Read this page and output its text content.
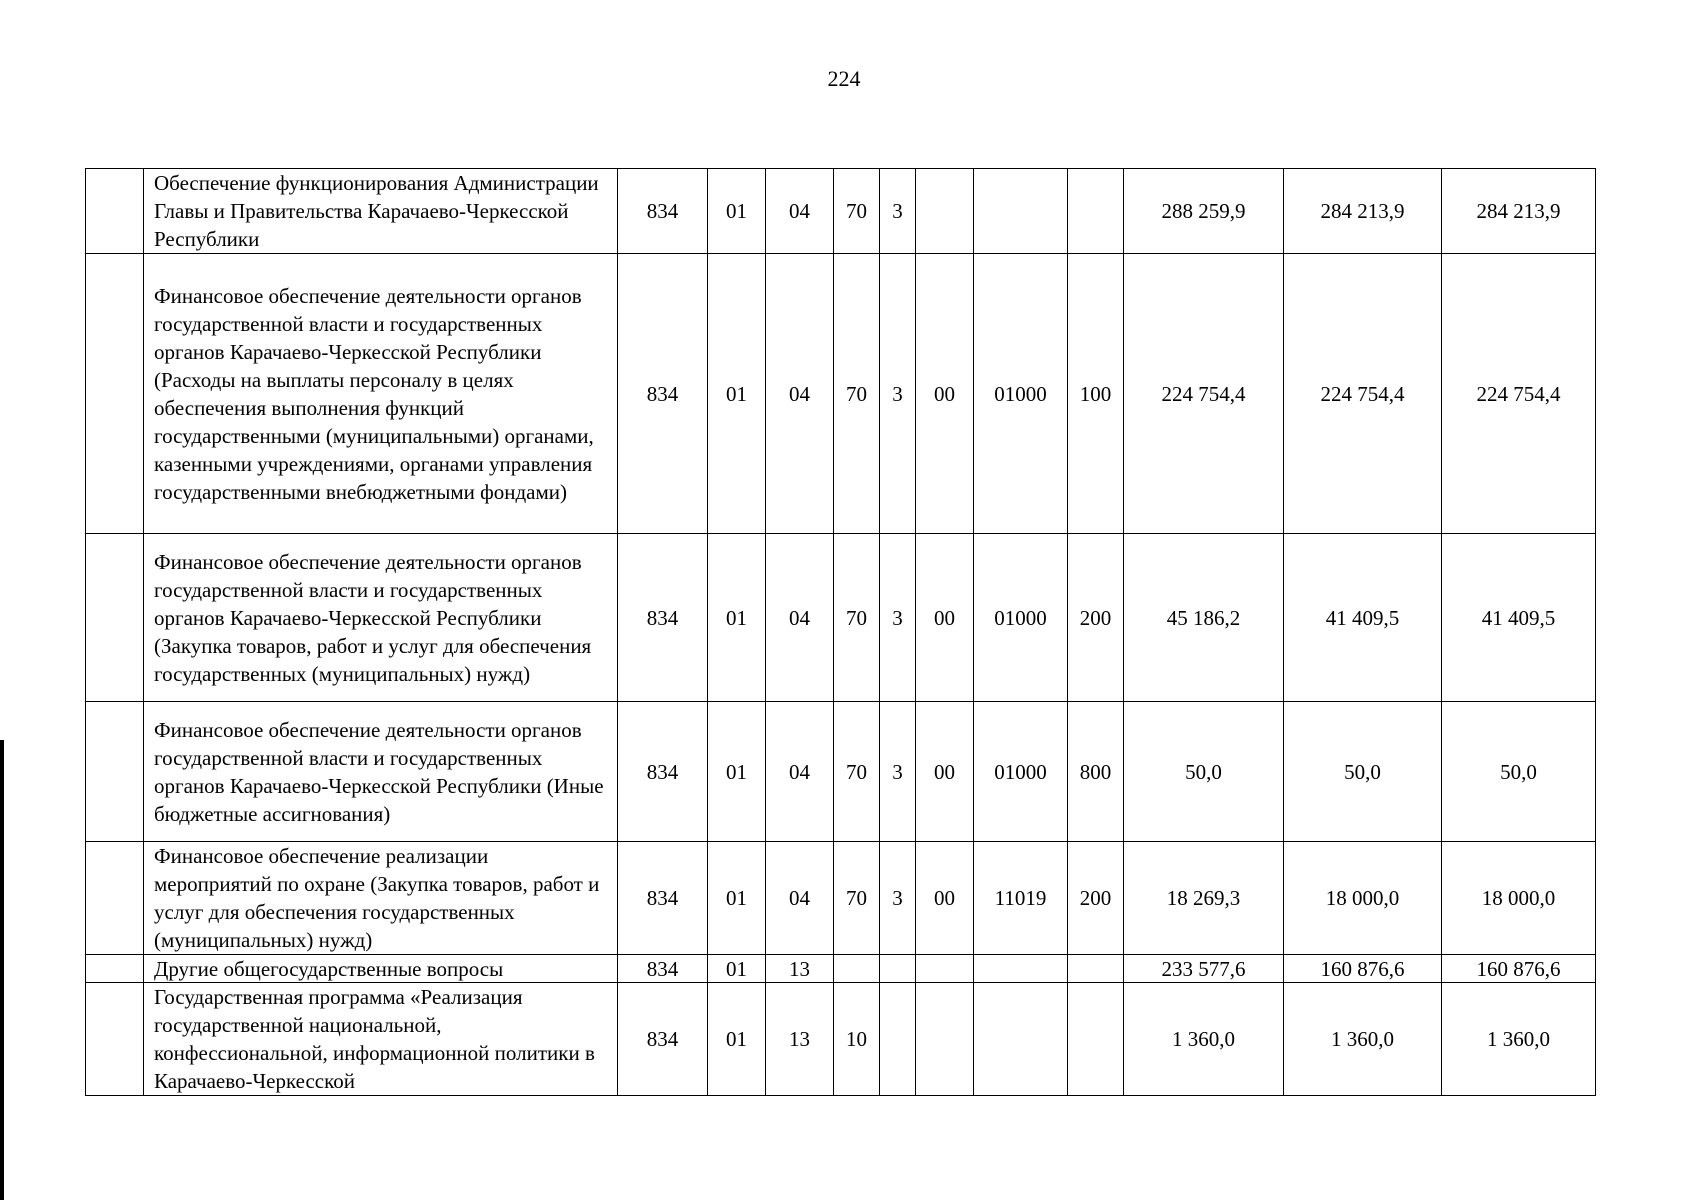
224
	Обеспечение функционирования Администрации Главы и Правительства Карачаево-Черкесской Республики	834	01	04	70	3				288 259,9	284 213,9	284 213,9
	Финансовое обеспечение деятельности органов государственной власти и государственных органов Карачаево-Черкесской Республики (Расходы на выплаты персоналу в целях обеспечения выполнения функций государственными (муниципальными) органами, казенными учреждениями, органами управления государственными внебюджетными фондами)	834	01	04	70	3	00	01000	100	224 754,4	224 754,4	224 754,4
	Финансовое обеспечение деятельности органов государственной власти и государственных органов Карачаево-Черкесской Республики (Закупка товаров, работ и услуг для обеспечения государственных (муниципальных) нужд)	834	01	04	70	3	00	01000	200	45 186,2	41 409,5	41 409,5
	Финансовое обеспечение деятельности органов государственной власти и государственных органов Карачаево-Черкесской Республики (Иные бюджетные ассигнования)	834	01	04	70	3	00	01000	800	50,0	50,0	50,0
	Финансовое обеспечение реализации мероприятий по охране (Закупка товаров, работ и услуг для обеспечения государственных (муниципальных) нужд)	834	01	04	70	3	00	11019	200	18 269,3	18 000,0	18 000,0
	Другие общегосударственные вопросы	834	01	13						233 577,6	160 876,6	160 876,6
	Государственная программа «Реализация государственной национальной, конфессиональной, информационной политики в Карачаево-Черкесской	834	01	13	10					1 360,0	1 360,0	1 360,0
